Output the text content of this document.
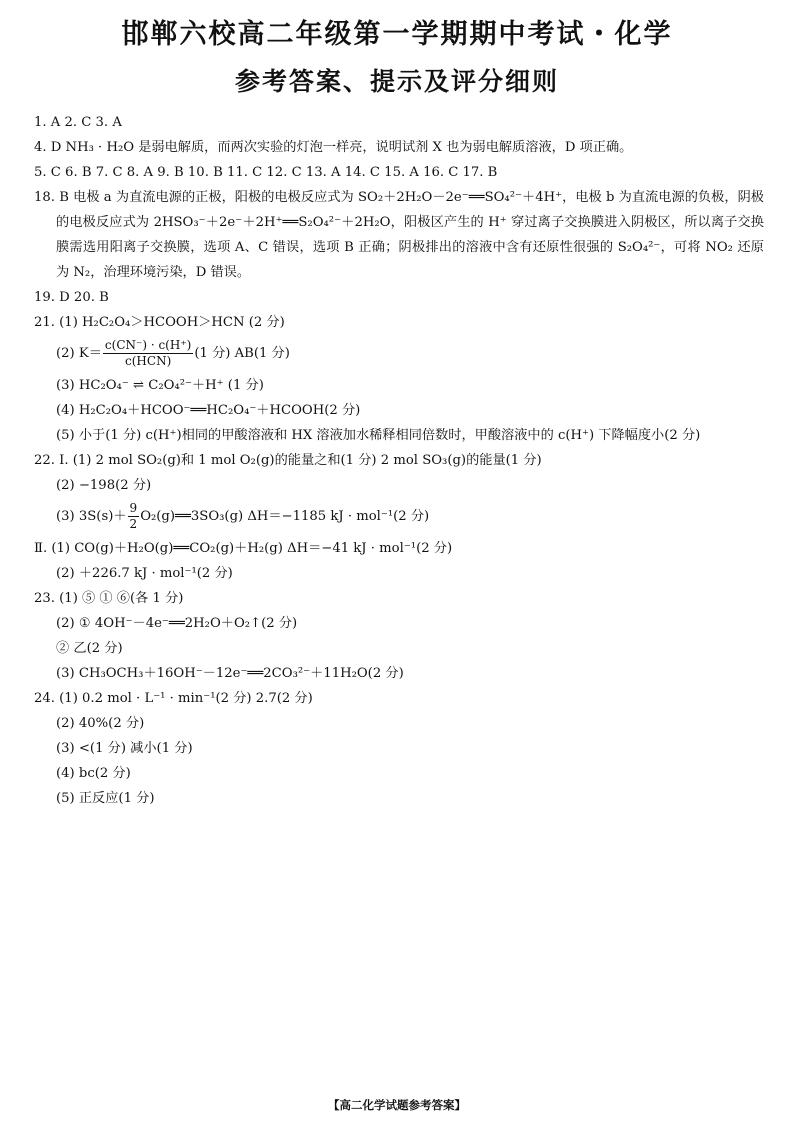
邯郸六校高二年级第一学期期中考试・化学
参考答案、提示及评分细则
1. A 2. C 3. A
4. D NH₃ · H₂O 是弱电解质，而两次实验的灯泡一样亮，说明试剂 X 也为弱电解质溶液，D 项正确。
5. C 6. B 7. C 8. A 9. B 10. B 11. C 12. C 13. A 14. C 15. A 16. C 17. B
18. B 电极 a 为直流电源的正极，阳极的电极反应式为 SO₂＋2H₂O－2e⁻══SO₄²⁻＋4H⁺，电极 b 为直流电源的负极，阴极的电极反应式为 2HSO₃⁻＋2e⁻＋2H⁺══S₂O₄²⁻＋2H₂O，阳极区产生的 H⁺ 穿过离子交换膜进入阴极区，所以离子交换膜需选用阳离子交换膜，选项 A、C 错误，选项 B 正确；阴极排出的溶液中含有还原性很强的 S₂O₄²⁻，可将 NO₂ 还原为 N₂，治理环境污染，D 错误。
19. D 20. B
21. (1) H₂C₂O₄＞HCOOH＞HCN (2 分)
(2) $K= \frac{c(CN^-) \cdot c(H^+)}{\text{c(HCN)}} (1$ 分) AB(1 分)
(3) HC₂O₄⁻ ⇌ C₂O₄²⁻＋H⁺ (1 分)
(4) H₂C₂O₄＋HCOO⁻══HC₂O₄⁻＋HCOOH(2 分)
(5) 小于(1 分) c(H⁺)相同的甲酸溶液和 HX 溶液加水稀释相同倍数时，甲酸溶液中的 c(H⁺) 下降幅度小(2 分)
22. Ⅰ. (1) 2 mol SO₂(g)和 1 mol O₂(g)的能量之和(1 分) 2 mol SO₃(g)的能量(1 分)
(2) −198(2 分)
(3) $3S(s)+ \frac{9}{2}$ O₂(g)══3SO₃(g) ΔH＝−1185 kJ · mol⁻¹(2 分)
Ⅱ. (1) CO(g)＋H₂O(g)══CO₂(g)＋H₂(g) ΔH＝−41 kJ · mol⁻¹(2 分)
(2) ＋226.7 kJ · mol⁻¹(2 分)
23. (1) ⑤ ① ⑥(各 1 分)
(2) ① 4OH⁻－4e⁻══2H₂O＋O₂↑(2 分)
② 乙(2 分)
(3) CH₃OCH₃＋16OH⁻－12e⁻══2CO₃²⁻＋11H₂O(2 分)
24. (1) 0.2 mol · L⁻¹ · min⁻¹(2 分) 2.7(2 分)
(2) 40%(2 分)
(3) <(1 分) 减小(1 分)
(4) bc(2 分)
(5) 正反应(1 分)
【高二化学试题参考答案】
